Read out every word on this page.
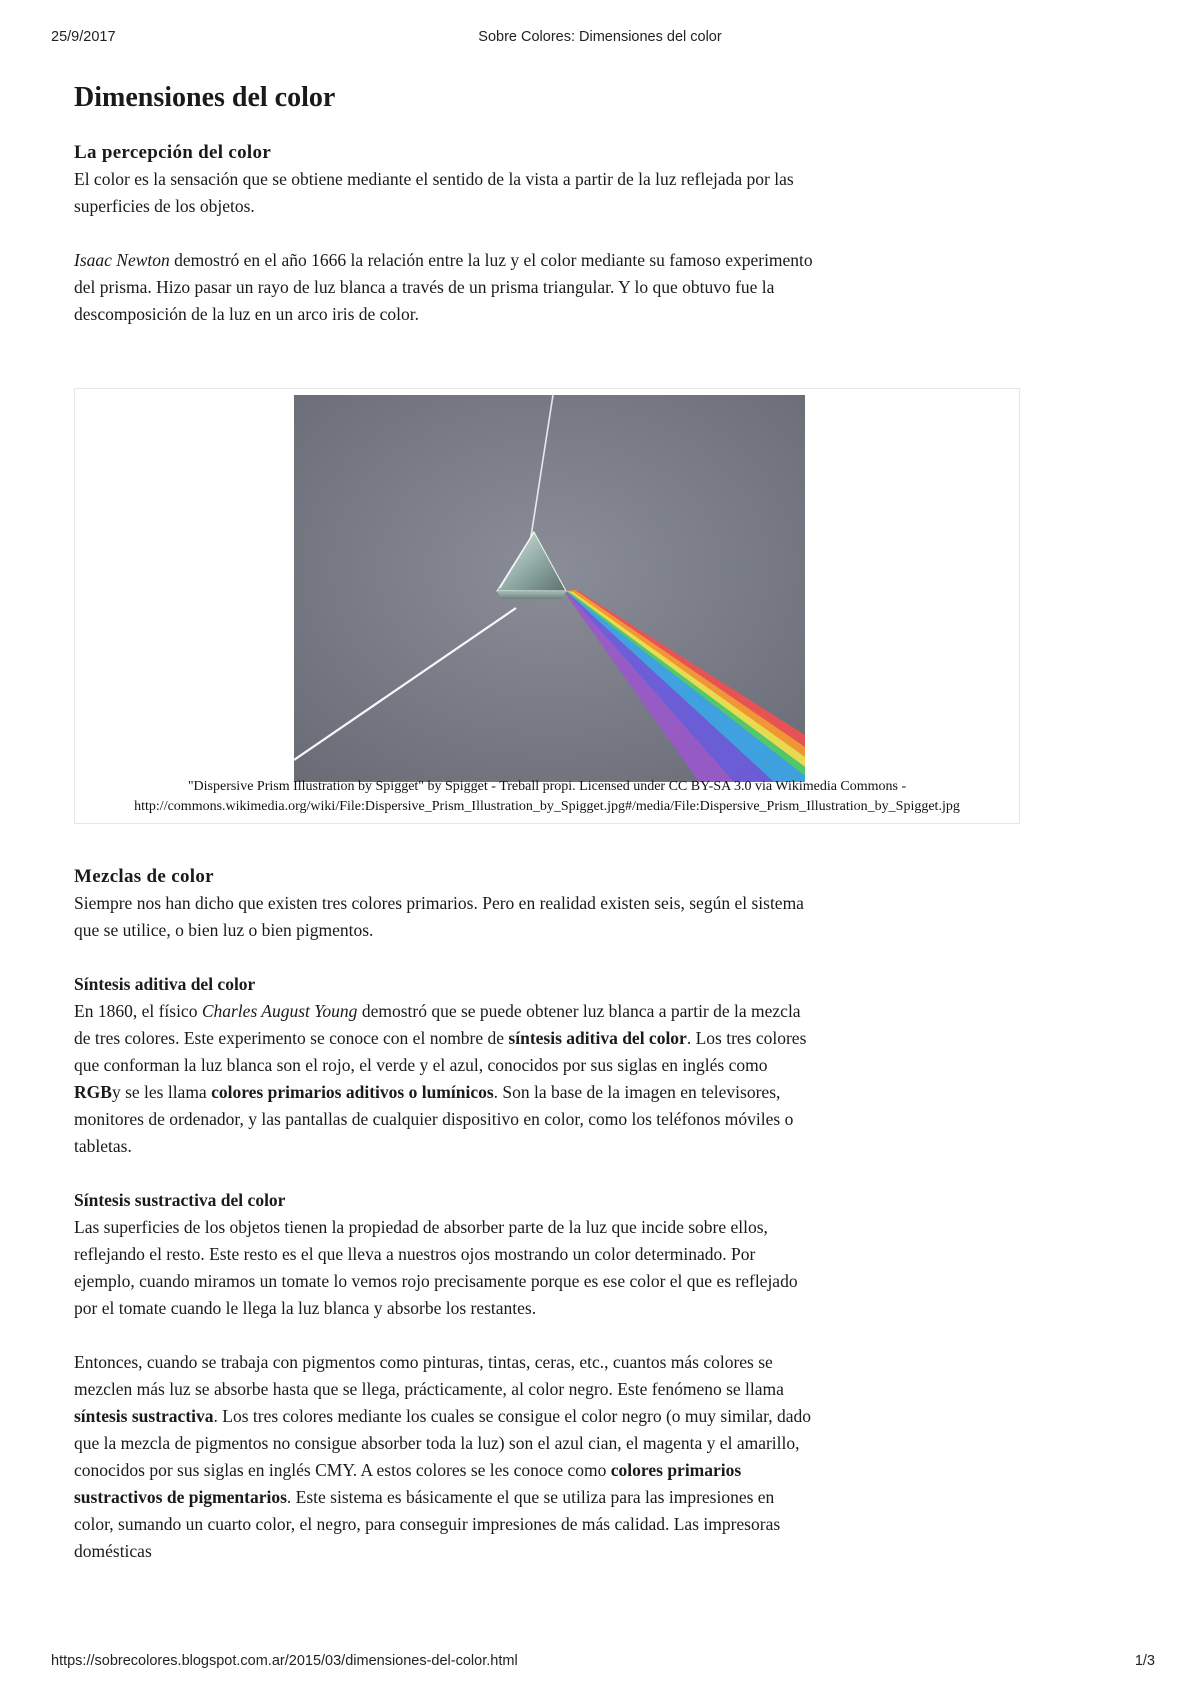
25/9/2017	Sobre Colores: Dimensiones del color
Dimensiones del color
La percepción del color

El color es la sensación que se obtiene mediante el sentido de la vista a partir de la luz reflejada por las superficies de los objetos.

Isaac Newton demostró en el año 1666 la relación entre la luz y el color mediante su famoso experimento del prisma. Hizo pasar un rayo de luz blanca a través de un prisma triangular. Y lo que obtuvo fue la descomposición de la luz en un arco iris de color.

"Dispersive Prism Illustration by Spigget" by Spigget - Treball propi. Licensed under CC BY-SA 3.0 via Wikimedia Commons -
http://commons.wikimedia.org/wiki/File:Dispersive_Prism_Illustration_by_Spigget.jpg#/media/File:Dispersive_Prism_Illustration_by_Spigget.jpg
Mezclas de color

Siempre nos han dicho que existen tres colores primarios. Pero en realidad existen seis, según el sistema que se utilice, o bien luz o bien pigmentos.

Síntesis aditiva del color

En 1860, el físico Charles August Young demostró que se puede obtener luz blanca a partir de la mezcla de tres colores. Este experimento se conoce con el nombre de síntesis aditiva del color. Los tres colores que conforman la luz blanca son el rojo, el verde y el azul, conocidos por sus siglas en inglés como RGBy se les llama colores primarios aditivos o lumínicos. Son la base de la imagen en televisores, monitores de ordenador, y las pantallas de cualquier dispositivo en color, como los teléfonos móviles o tabletas.

Síntesis sustractiva del color

Las superficies de los objetos tienen la propiedad de absorber parte de la luz que incide sobre ellos, reflejando el resto. Este resto es el que lleva a nuestros ojos mostrando un color determinado. Por ejemplo, cuando miramos un tomate lo vemos rojo precisamente porque es ese color el que es reflejado por el tomate cuando le llega la luz blanca y absorbe los restantes.

Entonces, cuando se trabaja con pigmentos como pinturas, tintas, ceras, etc., cuantos más colores se mezclen más luz se absorbe hasta que se llega, prácticamente, al color negro. Este fenómeno se llama síntesis sustractiva. Los tres colores mediante los cuales se consigue el color negro (o muy similar, dado que la mezcla de pigmentos no consigue absorber toda la luz) son el azul cian, el magenta y el amarillo, conocidos por sus siglas en inglés CMY. A estos colores se les conoce como colores primarios sustractivos de pigmentarios. Este sistema es básicamente el que se utiliza para las impresiones en color, sumando un cuarto color, el negro, para conseguir impresiones de más calidad. Las impresoras domésticas

https://sobrecolores.blogspot.com.ar/2015/03/dimensiones-del-color.html	1/3
